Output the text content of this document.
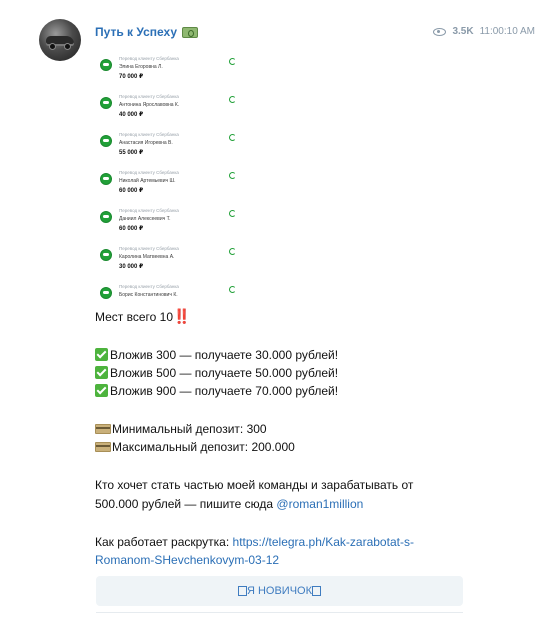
Путь к Успеху	3.5K 11:00:10 AM
Перевод клиенту Сбербанка
Элина Егоровна Л.
70 000 ₽
Перевод клиенту Сбербанка
Антонина Ярославовна К.
40 000 ₽
Перевод клиенту Сбербанка
Анастасия Игоревна В.
55 000 ₽
Перевод клиенту Сбербанка
Николай Артемьевич Ш.
60 000 ₽
Перевод клиенту Сбербанка
Даниил Алексеевич Т.
60 000 ₽
Перевод клиенту Сбербанка
Каролина Матвеевна А.
30 000 ₽
Перевод клиенту Сбербанка
Борис Константинович К.
Мест всего 10‼️
Вложив 300 — получаете 30.000 рублей!
Вложив 500 — получаете 50.000 рублей!
Вложив 900 — получаете 70.000 рублей!
Минимальный депозит: 300
Максимальный депозит: 200.000
Кто хочет стать частью моей команды и зарабатывать от
500.000 рублей — пишите сюда @roman1million
Как работает раскрутка: https://telegra.ph/Kak-zarabotat-s-
Romanom-SHevchenkovym-03-12
Я НОВИЧОК
